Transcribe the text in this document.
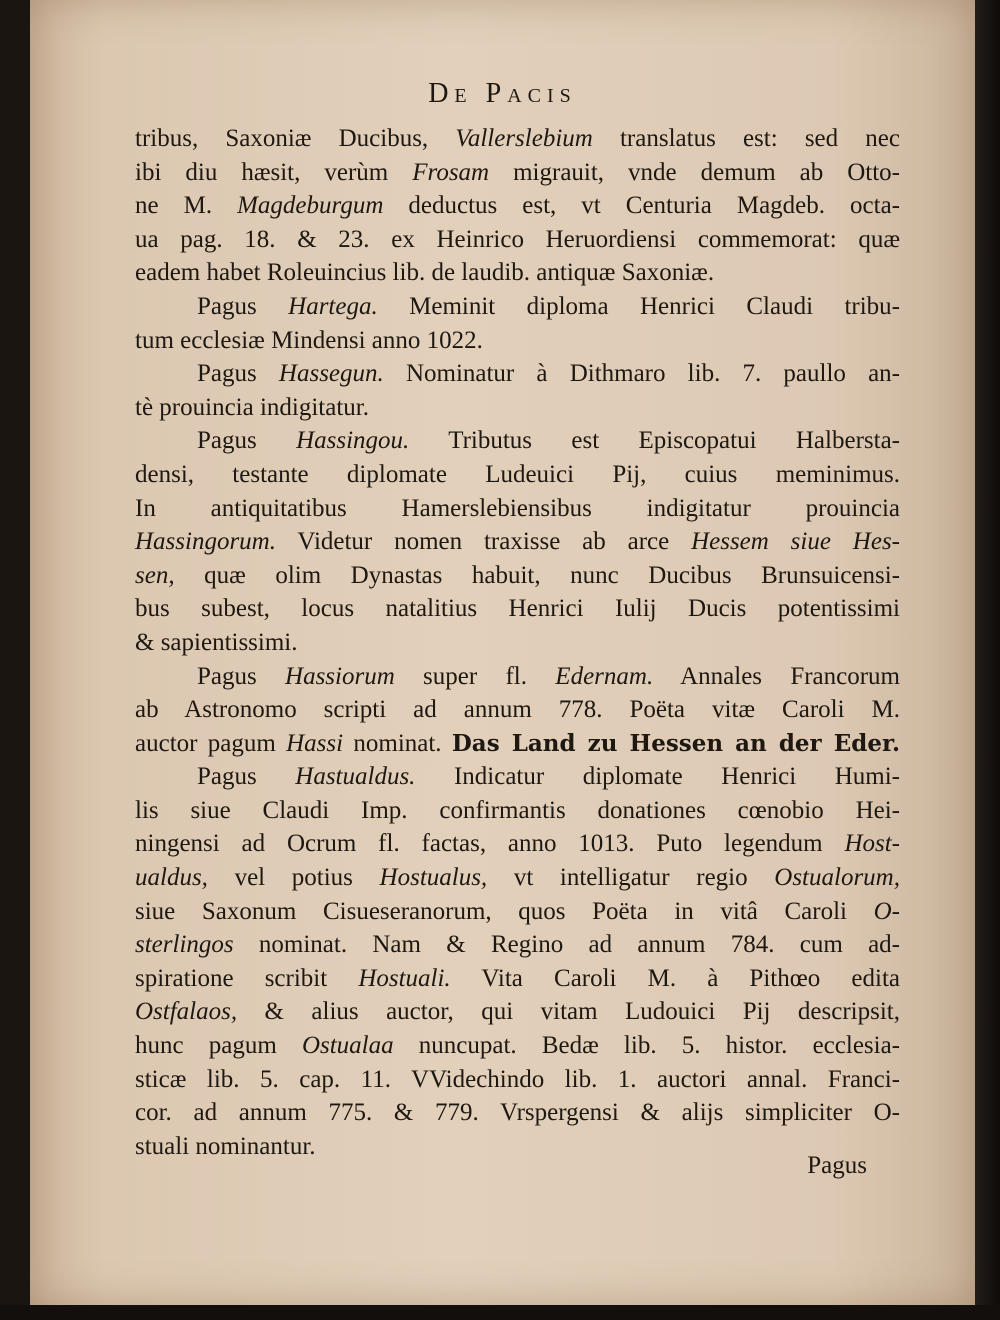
De Pacis
tribus, Saxoniæ Ducibus, Vallerslebium translatus est: sed nec
ibi diu hæsit, verùm Frosam migrauit, vnde demum ab Otto-
ne M. Magdeburgum deductus est, vt Centuria Magdeb. octa-
ua pag. 18. & 23. ex Heinrico Heruordiensi commemorat: quæ
eadem habet Roleuincius lib. de laudib. antiquæ Saxoniæ.
Pagus Hartega. Meminit diploma Henrici Claudi tribu-
tum ecclesiæ Mindensi anno 1022.
Pagus Hassegun. Nominatur à Dithmaro lib. 7. paullo an-
tè prouincia indigitatur.
Pagus Hassingou. Tributus est Episcopatui Halbersta-
densi, testante diplomate Ludeuici Pij, cuius meminimus.
In antiquitatibus Hamerslebiensibus indigitatur prouincia
Hassingorum. Videtur nomen traxisse ab arce Hessem siue Hes-
sen, quæ olim Dynastas habuit, nunc Ducibus Brunsuicensi-
bus subest, locus natalitius Henrici Iulij Ducis potentissimi
& sapientissimi.
Pagus Hassiorum super fl. Edernam. Annales Francorum
ab Astronomo scripti ad annum 778. Poëta vitæ Caroli M.
auctor pagum Hassi nominat. Das Land zu Hessen an der Eder.
Pagus Hastualdus. Indicatur diplomate Henrici Humi-
lis siue Claudi Imp. confirmantis donationes cœnobio Hei-
ningensi ad Ocrum fl. factas, anno 1013. Puto legendum Host-
ualdus, vel potius Hostualus, vt intelligatur regio Ostualorum,
siue Saxonum Cisueseranorum, quos Poëta in vitâ Caroli O-
sterlingos nominat. Nam & Regino ad annum 784. cum ad-
spiratione scribit Hostuali. Vita Caroli M. à Pithœo edita
Ostfalaos, & alius auctor, qui vitam Ludouici Pij descripsit,
hunc pagum Ostualaa nuncupat. Bedæ lib. 5. histor. ecclesia-
sticæ lib. 5. cap. 11. VVidechindo lib. 1. auctori annal. Franci-
cor. ad annum 775. & 779. Vrspergensi & alijs simpliciter O-
stuali nominantur.
Pagus
